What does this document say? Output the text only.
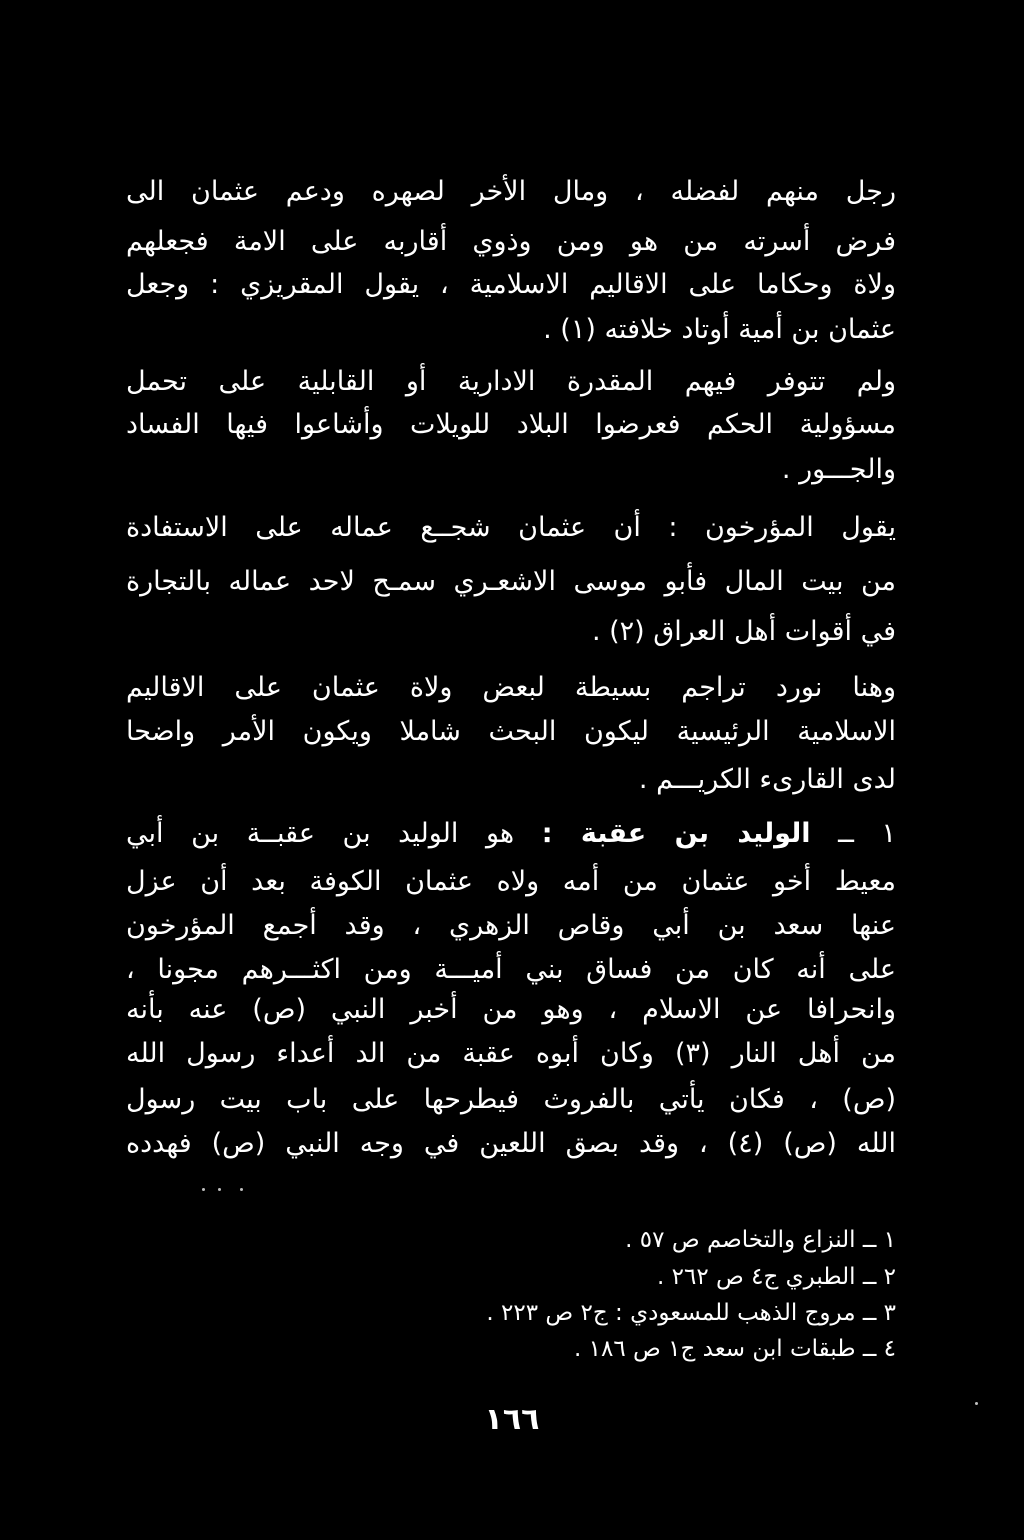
رجل منهم لفضله ، ومال الأخر لصهره ودعم عثمان الى
فرض أسرته من هو ومن وذوي أقاربه على الامة فجعلهم
ولاة وحكاما على الاقاليم الاسلامية ، يقول المقريزي : وجعل
عثمان بن أمية أوتاد خلافته (١) .
ولم تتوفر فيهم المقدرة الادارية أو القابلية على تحمل
مسؤولية الحكم فعرضوا البلاد للويلات وأشاعوا فيها الفساد
والجـــور .
يقول المؤرخون : أن عثمان شجــع عماله على الاستفادة
من بيت المال فأبو موسى الاشعـري سمـح لاحد عماله بالتجارة
في أقوات أهل العراق (٢) .
وهنا نورد تراجم بسيطة لبعض ولاة عثمان على الاقاليم
الاسلامية الرئيسية ليكون البحث شاملا ويكون الأمر واضحا
لدى القارىء الكريـــم .
١ ــ الوليد بن عقبة : هو الوليد بن عقبــة بن أبي
معيط أخو عثمان من أمه ولاه عثمان الكوفة بعد أن عزل
عنها سعد بن أبي وقاص الزهري ، وقد أجمع المؤرخون
على أنه كان من فساق بني أميـــة ومن اكثـــرهم مجونا ،
وانحرافا عن الاسلام ، وهو من أخبر النبي (ص) عنه بأنه
من أهل النار (٣) وكان أبوه عقبة من الد أعداء رسول الله
(ص) ، فكان يأتي بالفروث فيطرحها على باب بيت رسول
الله (ص) (٤) ، وقد بصق اللعين في وجه النبي (ص) فهدده
١ ــ النزاع والتخاصم ص ٥٧ .
٢ ــ الطبري ج٤ ص ٢٦٢ .
٣ ــ مروج الذهب للمسعودي : ج٢ ص ٢٢٣ .
٤ ــ طبقات ابن سعد ج١ ص ١٨٦ .
١٦٦
